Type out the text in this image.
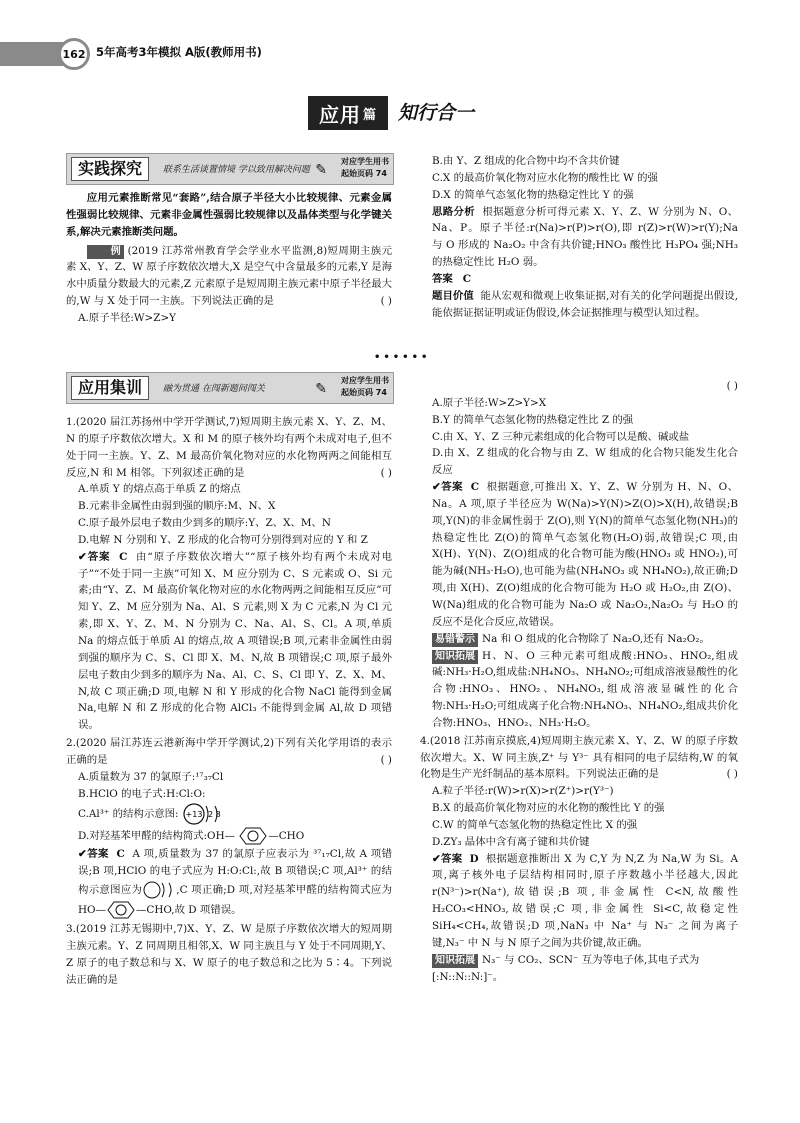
162 5年高考3年模拟 A版(教师用书)
应用 篇 知行合一
实践探究	联系生活谈置情境 学以致用解决问题 ✎
对应学生用书
起始页码 74

应用元素推断常见“套路”,结合原子半径大小比较规律、元素金属性强弱比较规律、元素非金属性强弱比较规律以及晶体类型与化学键关系,解决元素推断类问题。

例 (2019 江苏常州教育学会学业水平监测,8)短周期主族元素 X、Y、Z、W 原子序数依次增大,X 是空气中含量最多的元素,Y 是海水中质量分数最大的元素,Z 元素原子是短周期主族元素中原子半径最大的,W 与 X 处于同一主族。下列说法正确的是	( )

A.原子半径:W>Z>Y

B.由 Y、Z 组成的化合物中均不含共价键

C.X 的最高价氧化物对应水化物的酸性比 W 的强

D.X 的简单气态氢化物的热稳定性比 Y 的强

思路分析 根据题意分析可得元素 X、Y、Z、W 分别为 N、O、Na、P。原子半径:r(Na)>r(P)>r(O),即 r(Z)>r(W)>r(Y);Na 与 O 形成的 Na₂O₂ 中含有共价键;HNO₃ 酸性比 H₃PO₄ 强;NH₃ 的热稳定性比 H₂O 弱。

答案 C

题目价值 能从宏观和微观上收集证据,对有关的化学问题提出假设,能依据证据证明或证伪假设,体会证据推理与模型认知过程。

••••••
应用集训	融为贯通 在闯新题间闯关	✎
对应学生用书
起始页码 74

1.(2020 届江苏扬州中学开学测试,7)短周期主族元素 X、Y、Z、M、N 的原子序数依次增大。X 和 M 的原子核外均有两个未成对电子,但不处于同一主族。Y、Z、M 最高价氧化物对应的水化物两两之间能相互反应,N 和 M 相邻。下列叙述正确的是	( )

A.单质 Y 的熔点高于单质 Z 的熔点

B.元素非金属性由弱到强的顺序:M、N、X

C.原子最外层电子数由少到多的顺序:Y、Z、X、M、N

D.电解 N 分别和 Y、Z 形成的化合物可分别得到对应的 Y 和 Z

✔答案 C 由“原子序数依次增大”“原子核外均有两个未成对电子”“不处于同一主族”可知 X、M 应分别为 C、S 元素或 O、Si 元素;由“Y、Z、M 最高价氧化物对应的水化物两两之间能相互反应”可知 Y、Z、M 应分别为 Na、Al、S 元素,则 X 为 C 元素,N 为 Cl 元素,即 X、Y、Z、M、N 分别为 C、Na、Al、S、Cl。A 项,单质 Na 的熔点低于单质 Al 的熔点,故 A 项错误;B 项,元素非金属性由弱到强的顺序为 C、S、Cl 即 X、M、N,故 B 项错误;C 项,原子最外层电子数由少到多的顺序为 Na、Al、C、S、Cl 即 Y、Z、X、M、N,故 C 项正确;D 项,电解 N 和 Y 形成的化合物 NaCl 能得到金属 Na,电解 N 和 Z 形成的化合物 AlCl₃ 不能得到金属 Al,故 D 项错误。

2.(2020 届江苏连云港新海中学开学测试,2)下列有关化学用语的表示正确的是	( )

A.质量数为 37 的氯原子:¹⁷₃₇Cl

B.HClO 的电子式:H:Cl:O:

C.Al³⁺ 的结构示意图: +13 2 8

D.对羟基苯甲醛的结构简式:OH—	—CHO

✔答案 C A 项,质量数为 37 的氯原子应表示为 ³⁷₁₇Cl,故 A 项错误;B 项,HClO 的电子式应为 H:O:Cl:,故 B 项错误;C 项,Al³⁺ 的结构示意图应为	,C 项正确;D 项,对羟基苯甲醛的结构简式应为 HO—	—CHO,故 D 项错误。

3.(2019 江苏无锡期中,7)X、Y、Z、W 是原子序数依次增大的短周期主族元素。Y、Z 同周期且相邻,X、W 同主族且与 Y 处于不同周期,Y、Z 原子的电子数总和与 X、W 原子的电子数总和之比为 5∶4。下列说法正确的是

( )

A.原子半径:W>Z>Y>X

B.Y 的简单气态氢化物的热稳定性比 Z 的强

C.由 X、Y、Z 三种元素组成的化合物可以是酸、碱或盐

D.由 X、Z 组成的化合物与由 Z、W 组成的化合物只能发生化合反应

✔答案 C 根据题意,可推出 X、Y、Z、W 分别为 H、N、O、Na。A 项,原子半径应为 W(Na)>Y(N)>Z(O)>X(H),故错误;B 项,Y(N)的非金属性弱于 Z(O),则 Y(N)的简单气态氢化物(NH₃)的热稳定性比 Z(O)的简单气态氢化物(H₂O)弱,故错误;C 项,由 X(H)、Y(N)、Z(O)组成的化合物可能为酸(HNO₃ 或 HNO₂),可能为碱(NH₃·H₂O),也可能为盐(NH₄NO₃ 或 NH₄NO₂),故正确;D 项,由 X(H)、Z(O)组成的化合物可能为 H₂O 或 H₂O₂,由 Z(O)、W(Na)组成的化合物可能为 Na₂O 或 Na₂O₂,Na₂O₂ 与 H₂O 的反应不是化合反应,故错误。

易错警示 Na 和 O 组成的化合物除了 Na₂O,还有 Na₂O₂。

知识拓展 H、N、O 三种元素可组成酸:HNO₃、HNO₂,组成碱:NH₃·H₂O,组成盐:NH₄NO₃、NH₄NO₂;可组成溶液显酸性的化合物:HNO₃、HNO₂、NH₄NO₃,组成溶液显碱性的化合物:NH₃·H₂O;可组成离子化合物:NH₄NO₃、NH₄NO₂,组成共价化合物:HNO₃、HNO₂、NH₃·H₂O。

4.(2018 江苏南京摸底,4)短周期主族元素 X、Y、Z、W 的原子序数依次增大。X、W 同主族,Z⁺ 与 Y³⁻ 具有相同的电子层结构,W 的氧化物是生产光纤制品的基本原料。下列说法正确的是	( )

A.粒子半径:r(W)>r(X)>r(Z⁺)>r(Y³⁻)

B.X 的最高价氧化物对应的水化物的酸性比 Y 的强

C.W 的简单气态氢化物的热稳定性比 X 的强

D.ZY₃ 晶体中含有离子键和共价键

✔答案 D 根据题意推断出 X 为 C,Y 为 N,Z 为 Na,W 为 Si。A 项,离子核外电子层结构相同时,原子序数越小半径越大,因此 r(N³⁻)>r(Na⁺),故错误;B 项,非金属性 C<N,故酸性 H₂CO₃<HNO₃,故错误;C 项,非金属性 Si<C,故稳定性 SiH₄<CH₄,故错误;D 项,NaN₃ 中 Na⁺ 与 N₃⁻ 之间为离子键,N₃⁻ 中 N 与 N 原子之间为共价键,故正确。

知识拓展 N₃⁻ 与 CO₂、SCN⁻ 互为等电子体,其电子式为

[:N::N::N:]⁻。
